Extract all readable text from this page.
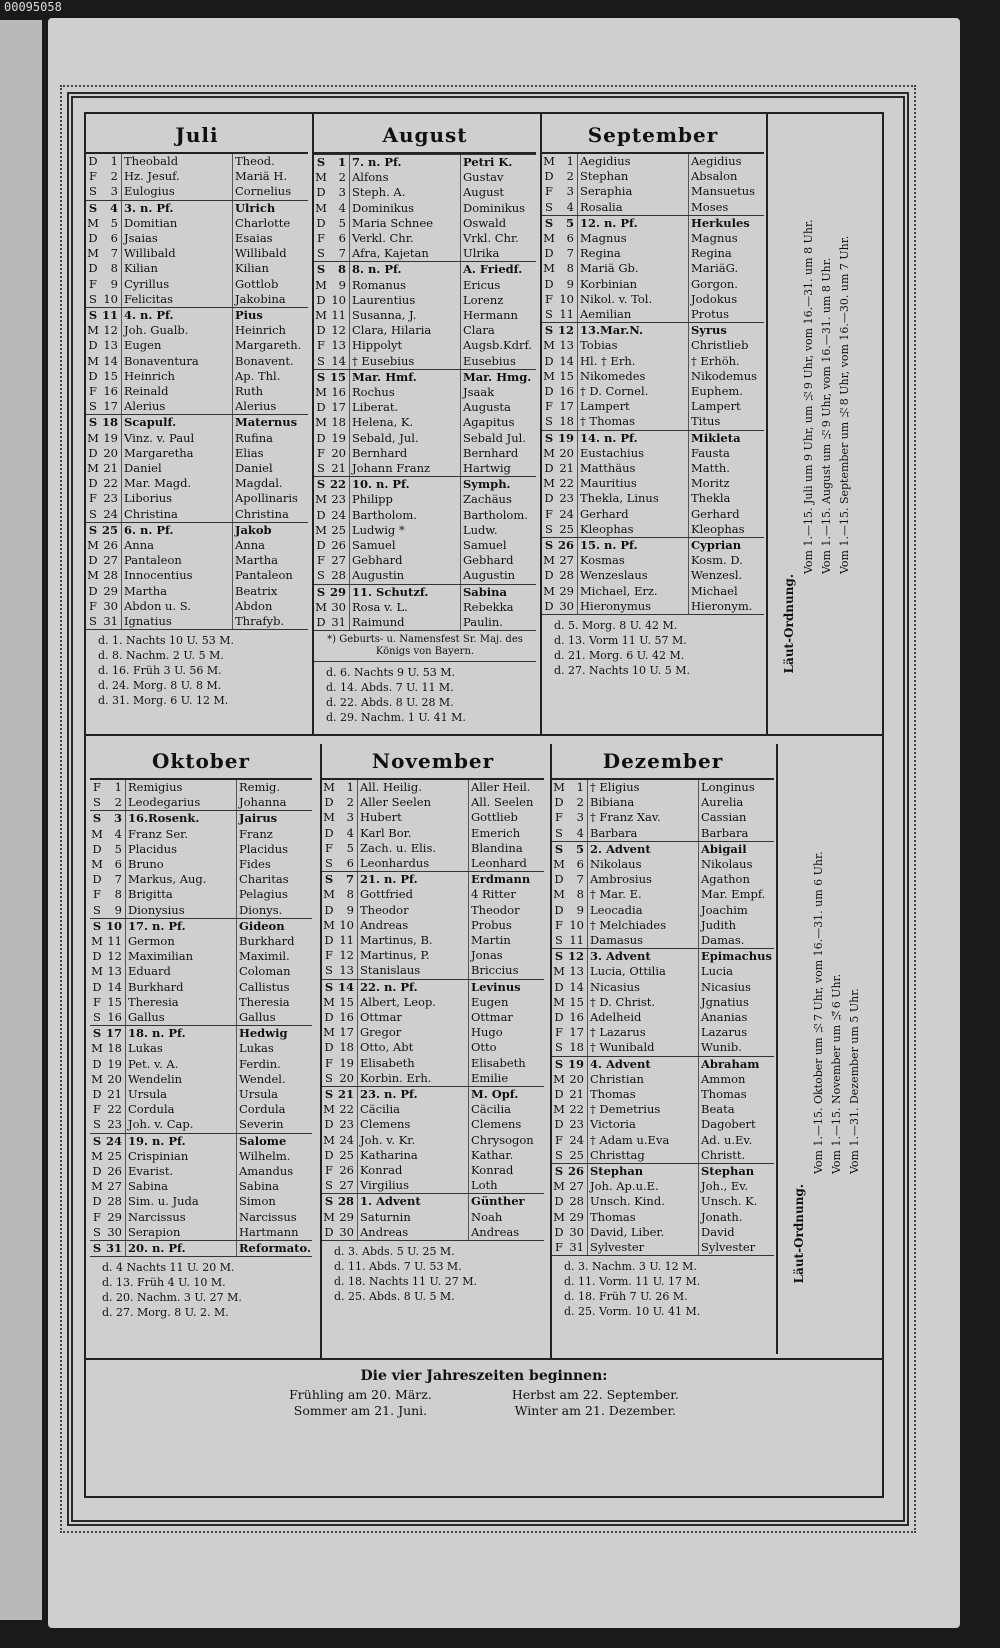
00095058
Juli
D	1 Theobald	Theod.
F	2 Hz. Jesuf.	Mariä H.
S	3 Eulogius	Cornelius
S	4 3. n. Pf.	Ulrich
M	5 Domitian	Charlotte
D	6 Jsaias	Esaias
M	7 Willibald	Willibald
D	8 Kilian	Kilian
F	9 Cyrillus	Gottlob
S 10 Felicitas	Jakobina
S 11 4. n. Pf.	Pius
M 12 Joh. Gualb.	Heinrich
D 13 Eugen	Margareth.
M 14 Bonaventura	Bonavent.
D 15 Heinrich	Ap. Thl.
F 16 Reinald	Ruth
S 17 Alerius	Alerius
S 18 Scapulf.	Maternus
M 19 Vinz. v. Paul	Rufina
D 20 Margaretha	Elias
M 21 Daniel	Daniel
D 22 Mar. Magd.	Magdal.
F 23 Liborius	Apollinaris
S 24 Christina	Christina
S 25 6. n. Pf.	Jakob
M 26 Anna	Anna
D 27 Pantaleon	Martha
M 28 Innocentius	Pantaleon
D 29 Martha	Beatrix
F 30 Abdon u. S.	Abdon
S 31 Ignatius	Thrafyb.
d. 1. Nachts 10 U. 53 M.
d. 8. Nachm. 2 U. 5 M.
d. 16. Früh 3 U. 56 M.
d. 24. Morg. 8 U. 8 M.
d. 31. Morg. 6 U. 12 M.
August
S	1 7. n. Pf.	Petri K.
M	2 Alfons	Gustav
D	3 Steph. A.	August
M	4 Dominikus	Dominikus
D	5 Maria Schnee	Oswald
F	6 Verkl. Chr.	Vrkl. Chr.
S	7 Afra, Kajetan	Ulrika
S	8 8. n. Pf.	A. Friedf.
M	9 Romanus	Ericus
D 10 Laurentius	Lorenz
M 11 Susanna, J.	Hermann
D 12 Clara, Hilaria	Clara
F 13 Hippolyt	Augsb.Kdrf.
S 14 † Eusebius	Eusebius
S 15 Mar. Hmf.	Mar. Hmg.
M 16 Rochus	Jsaak
D 17 Liberat.	Augusta
M 18 Helena, K.	Agapitus
D 19 Sebald, Jul.	Sebald Jul.
F 20 Bernhard	Bernhard
S 21 Johann Franz	Hartwig
S 22 10. n. Pf.	Symph.
M 23 Philipp	Zachäus
D 24 Bartholom.	Bartholom.
M 25 Ludwig *	Ludw.
D 26 Samuel	Samuel
F 27 Gebhard	Gebhard
S 28 Augustin	Augustin
S 29 11. Schutzf.	Sabina
M 30 Rosa v. L.	Rebekka
D 31 Raimund	Paulin.
*) Geburts- u. Namensfest Sr. Maj. des Königs von Bayern.
d. 6. Nachts 9 U. 53 M.
d. 14. Abds. 7 U. 11 M.
d. 22. Abds. 8 U. 28 M.
d. 29. Nachm. 1 U. 41 M.
September
M	1 Aegidius	Aegidius
D	2 Stephan	Absalon
F	3 Seraphia	Mansuetus
S	4 Rosalia	Moses
S	5 12. n. Pf.	Herkules
M	6 Magnus	Magnus
D	7 Regina	Regina
M	8 Mariä Gb.	MariäG.
D	9 Korbinian	Gorgon.
F 10 Nikol. v. Tol.	Jodokus
S 11 Aemilian	Protus
S 12 13.Mar.N.	Syrus
M 13 Tobias	Christlieb
D 14 Hl. † Erh.	† Erhöh.
M 15 Nikomedes	Nikodemus
D 16 † D. Cornel.	Euphem.
F 17 Lampert	Lampert
S 18 † Thomas	Titus
S 19 14. n. Pf.	Mikleta
M 20 Eustachius	Fausta
D 21 Matthäus	Matth.
M 22 Mauritius	Moritz
D 23 Thekla, Linus	Thekla
F 24 Gerhard	Gerhard
S 25 Kleophas	Kleophas
S 26 15. n. Pf.	Cyprian
M 27 Kosmas	Kosm. D.
D 28 Wenzeslaus	Wenzesl.
M 29 Michael, Erz.	Michael
D 30 Hieronymus	Hieronym.
d. 5. Morg. 8 U. 42 M.
d. 13. Vorm 11 U. 57 M.
d. 21. Morg. 6 U. 42 M.
d. 27. Nachts 10 U. 5 M.
Oktober
F	1 Remigius	Remig.
S	2 Leodegarius	Johanna
S	3 16.Rosenk.	Jairus
M	4 Franz Ser.	Franz
D	5 Placidus	Placidus
M	6 Bruno	Fides
D	7 Markus, Aug.	Charitas
F	8 Brigitta	Pelagius
S	9 Dionysius	Dionys.
S 10 17. n. Pf.	Gideon
M 11 Germon	Burkhard
D 12 Maximilian	Maximil.
M 13 Eduard	Coloman
D 14 Burkhard	Callistus
F 15 Theresia	Theresia
S 16 Gallus	Gallus
S 17 18. n. Pf.	Hedwig
M 18 Lukas	Lukas
D 19 Pet. v. A.	Ferdin.
M 20 Wendelin	Wendel.
D 21 Ursula	Ursula
F 22 Cordula	Cordula
S 23 Joh. v. Cap.	Severin
S 24 19. n. Pf.	Salome
M 25 Crispinian	Wilhelm.
D 26 Evarist.	Amandus
M 27 Sabina	Sabina
D 28 Sim. u. Juda	Simon
F 29 Narcissus	Narcissus
S 30 Serapion	Hartmann
S 31 20. n. Pf.	Reformato.
d. 4 Nachts 11 U. 20 M.
d. 13. Früh 4 U. 10 M.
d. 20. Nachm. 3 U. 27 M.
d. 27. Morg. 8 U. 2. M.
November
M	1 All. Heilig.	Aller Heil.
D	2 Aller Seelen	All. Seelen
M	3 Hubert	Gottlieb
D	4 Karl Bor.	Emerich
F	5 Zach. u. Elis.	Blandina
S	6 Leonhardus	Leonhard
S	7 21. n. Pf.	Erdmann
M	8 Gottfried	4 Ritter
D	9 Theodor	Theodor
M 10 Andreas	Probus
D 11 Martinus, B.	Martin
F 12 Martinus, P.	Jonas
S 13 Stanislaus	Briccius
S 14 22. n. Pf.	Levinus
M 15 Albert, Leop.	Eugen
D 16 Ottmar	Ottmar
M 17 Gregor	Hugo
D 18 Otto, Abt	Otto
F 19 Elisabeth	Elisabeth
S 20 Korbin. Erh.	Emilie
S 21 23. n. Pf.	M. Opf.
M 22 Cäcilia	Cäcilia
D 23 Clemens	Clemens
M 24 Joh. v. Kr.	Chrysogon
D 25 Katharina	Kathar.
F 26 Konrad	Konrad
S 27 Virgilius	Loth
S 28 1. Advent	Günther
M 29 Saturnin	Noah
D 30 Andreas	Andreas
d. 3. Abds. 5 U. 25 M.
d. 11. Abds. 7 U. 53 M.
d. 18. Nachts 11 U. 27 M.
d. 25. Abds. 8 U. 5 M.
Dezember
M	1 † Eligius	Longinus
D	2 Bibiana	Aurelia
F	3 † Franz Xav.	Cassian
S	4 Barbara	Barbara
S	5 2. Advent	Abigail
M	6 Nikolaus	Nikolaus
D	7 Ambrosius	Agathon
M	8 † Mar. E.	Mar. Empf.
D	9 Leocadia	Joachim
F 10 † Melchiades	Judith
S 11 Damasus	Damas.
S 12 3. Advent	Epimachus
M 13 Lucia, Ottilia	Lucia
D 14 Nicasius	Nicasius
M 15 † D. Christ.	Jgnatius
D 16 Adelheid	Ananias
F 17 † Lazarus	Lazarus
S 18 † Wunibald	Wunib.
S 19 4. Advent	Abraham
M 20 Christian	Ammon
D 21 Thomas	Thomas
M 22 † Demetrius	Beata
D 23 Victoria	Dagobert
F 24 † Adam u.Eva	Ad. u.Ev.
S 25 Christtag	Christt.
S 26 Stephan	Stephan
M 27 Joh. Ap.u.E.	Joh., Ev.
D 28 Unsch. Kind.	Unsch. K.
M 29 Thomas	Jonath.
D 30 David, Liber.	David
F 31 Sylvester	Sylvester
d. 3. Nachm. 3 U. 12 M.
d. 11. Vorm. 11 U. 17 M.
d. 18. Früh 7 U. 26 M.
d. 25. Vorm. 10 U. 41 M.
Läut-Ordnung.
Vom 1.—15. Juli um 9 Uhr, um ½9 Uhr, vom 16.—31. um 8 Uhr. Vom 1.—15. August um ½9 Uhr, vom 16.—31. um 8 Uhr. Vom 1.—15. September um ½8 Uhr, vom 16.—30. um 7 Uhr.
Läut-Ordnung.
Vom 1.—15. Oktober um ½7 Uhr, vom 16.—31. um 6 Uhr. Vom 1.—15. November um ¼6 Uhr. Vom 1.—31. Dezember um 5 Uhr.
Die vier Jahreszeiten beginnen:
Frühling am 20. März.
Sommer am 21. Juni.
Herbst am 22. September.
Winter am 21. Dezember.
